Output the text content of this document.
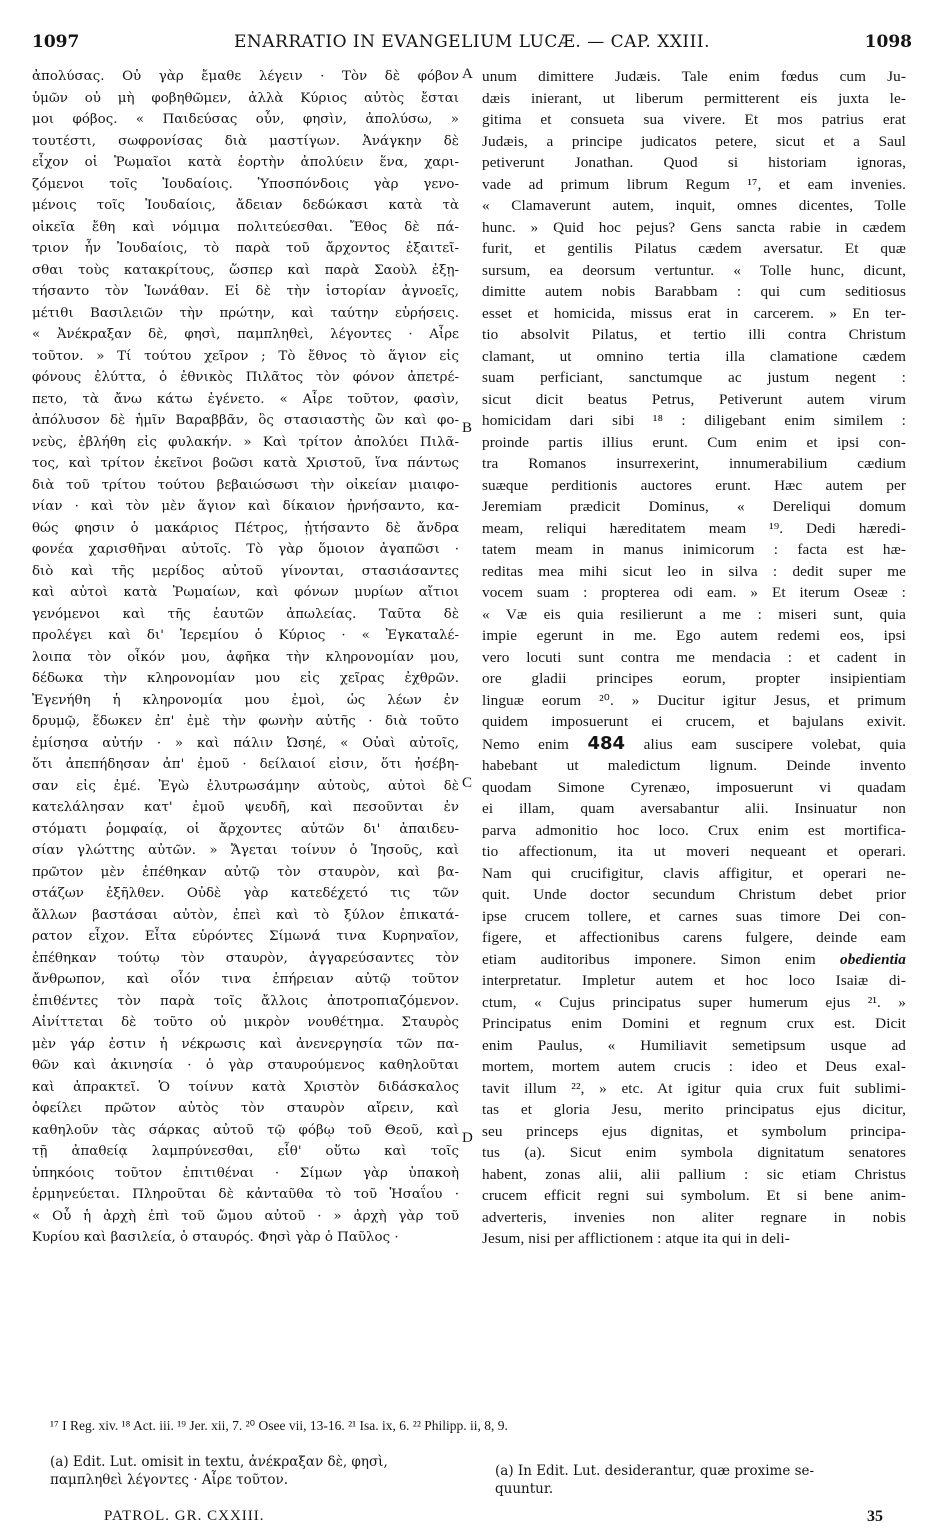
1097	ENARRATIO IN EVANGELIUM LUCÆ. — CAP. XXIII.	1098
ἀπολύσας. Οὐ γὰρ ἔμαθε λέγειν · Τὸν δὲ φόβον
ὑμῶν οὐ μὴ φοβηθῶμεν, ἀλλὰ Κύριος αὐτὸς ἔσται
μοι φόβος. « Παιδεύσας οὖν, φησὶν, ἀπολύσω, »
τουτέστι, σωφρονίσας διὰ μαστίγων. Ἀνάγκην δὲ
εἶχον οἱ Ῥωμαῖοι κατὰ ἑορτὴν ἀπολύειν ἕνα, χαρι-
ζόμενοι τοῖς Ἰουδαίοις. Ὑποσπόνδοις γὰρ γενο-
μένοις τοῖς Ἰουδαίοις, ἄδειαν δεδώκασι κατὰ τὰ
οἰκεῖα ἔθη καὶ νόμιμα πολιτεύεσθαι. Ἔθος δὲ πά-
τριον ἦν Ἰουδαίοις, τὸ παρὰ τοῦ ἄρχοντος ἐξαιτεῖ-
σθαι τοὺς κατακρίτους, ὥσπερ καὶ παρὰ Σαοὺλ ἐξῃ-
τήσαντο τὸν Ἰωνάθαν. Εἰ δὲ τὴν ἱστορίαν ἀγνοεῖς,
μέτιθι Βασιλειῶν τὴν πρώτην, καὶ ταύτην εὑρήσεις.
« Ἀνέκραξαν δὲ, φησὶ, παμπληθεὶ, λέγοντες · Αἶρε
τοῦτον. » Τί τούτου χεῖρον ; Τὸ ἔθνος τὸ ἅγιον εἰς
φόνους ἐλύττα, ὁ ἐθνικὸς Πιλᾶτος τὸν φόνον ἀπετρέ-
πετο, τὰ ἄνω κάτω ἐγένετο. « Αἶρε τοῦτον, φασὶν,
ἀπόλυσον δὲ ἡμῖν Βαραββᾶν, ὃς στασιαστὴς ὢν καὶ φο-
νεὺς, ἐβλήθη εἰς φυλακήν. » Καὶ τρίτον ἀπολύει Πιλᾶ-
τος, καὶ τρίτον ἐκεῖνοι βοῶσι κατὰ Χριστοῦ, ἵνα πάντως
διὰ τοῦ τρίτου τούτου βεβαιώσωσι τὴν οἰκείαν μιαιφο-
νίαν · καὶ τὸν μὲν ἅγιον καὶ δίκαιον ἠρνήσαντο, κα-
θώς φησιν ὁ μακάριος Πέτρος, ᾐτήσαντο δὲ ἄνδρα
φονέα χαρισθῆναι αὐτοῖς. Τὸ γὰρ ὅμοιον ἀγαπῶσι ·
διὸ καὶ τῆς μερίδος αὐτοῦ γίνονται, στασιάσαντες
καὶ αὐτοὶ κατὰ Ῥωμαίων, καὶ φόνων μυρίων αἴτιοι
γενόμενοι καὶ τῆς ἑαυτῶν ἀπωλείας. Ταῦτα δὲ
προλέγει καὶ δι' Ἱερεμίου ὁ Κύριος · « Ἐγκαταλέ-
λοιπα τὸν οἶκόν μου, ἀφῆκα τὴν κληρονομίαν μου,
δέδωκα τὴν κληρονομίαν μου εἰς χεῖρας ἐχθρῶν.
Ἐγενήθη ἡ κληρονομία μου ἐμοὶ, ὡς λέων ἐν
δρυμῷ, ἔδωκεν ἐπ' ἐμὲ τὴν φωνὴν αὐτῆς · διὰ τοῦτο
ἐμίσησα αὐτήν · » καὶ πάλιν Ὠσηέ, « Οὐαὶ αὐτοῖς,
ὅτι ἀπεπήδησαν ἀπ' ἐμοῦ · δείλαιοί εἰσιν, ὅτι ἠσέβη-
σαν εἰς ἐμέ. Ἐγὼ ἐλυτρωσάμην αὐτοὺς, αὐτοὶ δὲ
κατελάλησαν κατ' ἐμοῦ ψευδῆ, καὶ πεσοῦνται ἐν
στόματι ῥομφαίᾳ, οἱ ἄρχοντες αὐτῶν δι' ἀπαιδευ-
σίαν γλώττης αὐτῶν. » Ἄγεται τοίνυν ὁ Ἰησοῦς, καὶ
πρῶτον μὲν ἐπέθηκαν αὐτῷ τὸν σταυρὸν, καὶ βα-
στάζων ἐξῆλθεν. Οὐδὲ γὰρ κατεδέχετό τις τῶν
ἄλλων βαστάσαι αὐτὸν, ἐπεὶ καὶ τὸ ξύλον ἐπικατά-
ρατον εἶχον. Εἶτα εὑρόντες Σίμωνά τινα Κυρηναῖον,
ἐπέθηκαν τούτῳ τὸν σταυρὸν, ἀγγαρεύσαντες τὸν
ἄνθρωπον, καὶ οἷόν τινα ἐπήρειαν αὐτῷ τοῦτον
ἐπιθέντες τὸν παρὰ τοῖς ἄλλοις ἀποτροπιαζόμενον.
Αἰνίττεται δὲ τοῦτο οὐ μικρὸν νουθέτημα. Σταυρὸς
μὲν γάρ ἐστιν ἡ νέκρωσις καὶ ἀνενεργησία τῶν πα-
θῶν καὶ ἀκινησία · ὁ γὰρ σταυρούμενος καθηλοῦται
καὶ ἀπρακτεῖ. Ὁ τοίνυν κατὰ Χριστὸν διδάσκαλος
ὀφείλει πρῶτον αὐτὸς τὸν σταυρὸν αἴρειν, καὶ
καθηλοῦν τὰς σάρκας αὐτοῦ τῷ φόβῳ τοῦ Θεοῦ, καὶ
τῇ ἀπαθείᾳ λαμπρύνεσθαι, εἶθ' οὕτω καὶ τοῖς
ὑπηκόοις τοῦτον ἐπιτιθέναι · Σίμων γὰρ ὑπακοὴ
ἑρμηνεύεται. Πληροῦται δὲ κἀνταῦθα τὸ τοῦ Ἡσαΐου ·
« Οὗ ἡ ἀρχὴ ἐπὶ τοῦ ὤμου αὐτοῦ · » ἀρχὴ γὰρ τοῦ
Κυρίου καὶ βασιλεία, ὁ σταυρός. Φησὶ γὰρ ὁ Παῦλος ·
unum dimittere Judæis. Tale enim fœdus cum Ju-
dæis inierant, ut liberum permitterent eis juxta le-
gitima et consueta sua vivere. Et mos patrius erat
Judæis, a principe judicatos petere, sicut et a Saul
petiverunt Jonathan. Quod si historiam ignoras,
vade ad primum librum Regum ¹⁷, et eam invenies.
« Clamaverunt autem, inquit, omnes dicentes, Tolle
hunc. » Quid hoc pejus? Gens sancta rabie in cædem
furit, et gentilis Pilatus cædem aversatur. Et quæ
sursum, ea deorsum vertuntur. « Tolle hunc, dicunt,
dimitte autem nobis Barabbam : qui cum seditiosus
esset et homicida, missus erat in carcerem. » En ter-
tio absolvit Pilatus, et tertio illi contra Christum
clamant, ut omnino tertia illa clamatione cædem
suam perficiant, sanctumque ac justum negent :
sicut dicit beatus Petrus, Petiverunt autem virum
homicidam dari sibi ¹⁸ : diligebant enim similem :
proinde partis illius erunt. Cum enim et ipsi con-
tra Romanos insurrexerint, innumerabilium cædium
suæque perditionis auctores erunt. Hæc autem per
Jeremiam prædicit Dominus, « Dereliqui domum
meam, reliqui hæreditatem meam ¹⁹. Dedi hæredi-
tatem meam in manus inimicorum : facta est hæ-
reditas mea mihi sicut leo in silva : dedit super me
vocem suam : propterea odi eam. » Et iterum Oseæ :
« Væ eis quia resilierunt a me : miseri sunt, quia
impie egerunt in me. Ego autem redemi eos, ipsi
vero locuti sunt contra me mendacia : et cadent in
ore gladii principes eorum, propter insipientiam
linguæ eorum ²⁰. » Ducitur igitur Jesus, et primum
quidem imposuerunt ei crucem, et bajulans exivit.
Nemo enim 484 alius eam suscipere volebat, quia
habebant ut maledictum lignum. Deinde invento
quodam Simone Cyrenæo, imposuerunt vi quadam
ei illam, quam aversabantur alii. Insinuatur non
parva admonitio hoc loco. Crux enim est mortifica-
tio affectionum, ita ut moveri nequeant et operari.
Nam qui crucifigitur, clavis affigitur, et operari ne-
quit. Unde doctor secundum Christum debet prior
ipse crucem tollere, et carnes suas timore Dei con-
figere, et affectionibus carens fulgere, deinde eam
etiam auditoribus imponere. Simon enim obedientia
interpretatur. Impletur autem et hoc loco Isaiæ di-
ctum, « Cujus principatus super humerum ejus ²¹. »
Principatus enim Domini et regnum crux est. Dicit
enim Paulus, « Humiliavit semetipsum usque ad
mortem, mortem autem crucis : ideo et Deus exal-
tavit illum ²², » etc. At igitur quia crux fuit sublimi-
tas et gloria Jesu, merito principatus ejus dicitur,
seu princeps ejus dignitas, et symbolum principa-
tus (a). Sicut enim symbola dignitatum senatores
habent, zonas alii, alii pallium : sic etiam Christus
crucem efficit regni sui symbolum. Et si bene anim-
adverteris, invenies non aliter regnare in nobis
Jesum, nisi per afflictionem : atque ita qui in deli-
A
B
C
D
¹⁷ I Reg. xiv. ¹⁸ Act. iii. ¹⁹ Jer. xii, 7. ²⁰ Osee vii, 13-16. ²¹ Isa. ix, 6. ²² Philipp. ii, 8, 9.
(a) Edit. Lut. omisit in textu, ἀνέκραξαν δὲ, φησὶ,
παμπληθεὶ λέγοντες · Αἶρε τοῦτον.
(a) In Edit. Lut. desiderantur, quæ proxime se-
quuntur.
PATROL. GR. CXXIII.	35
